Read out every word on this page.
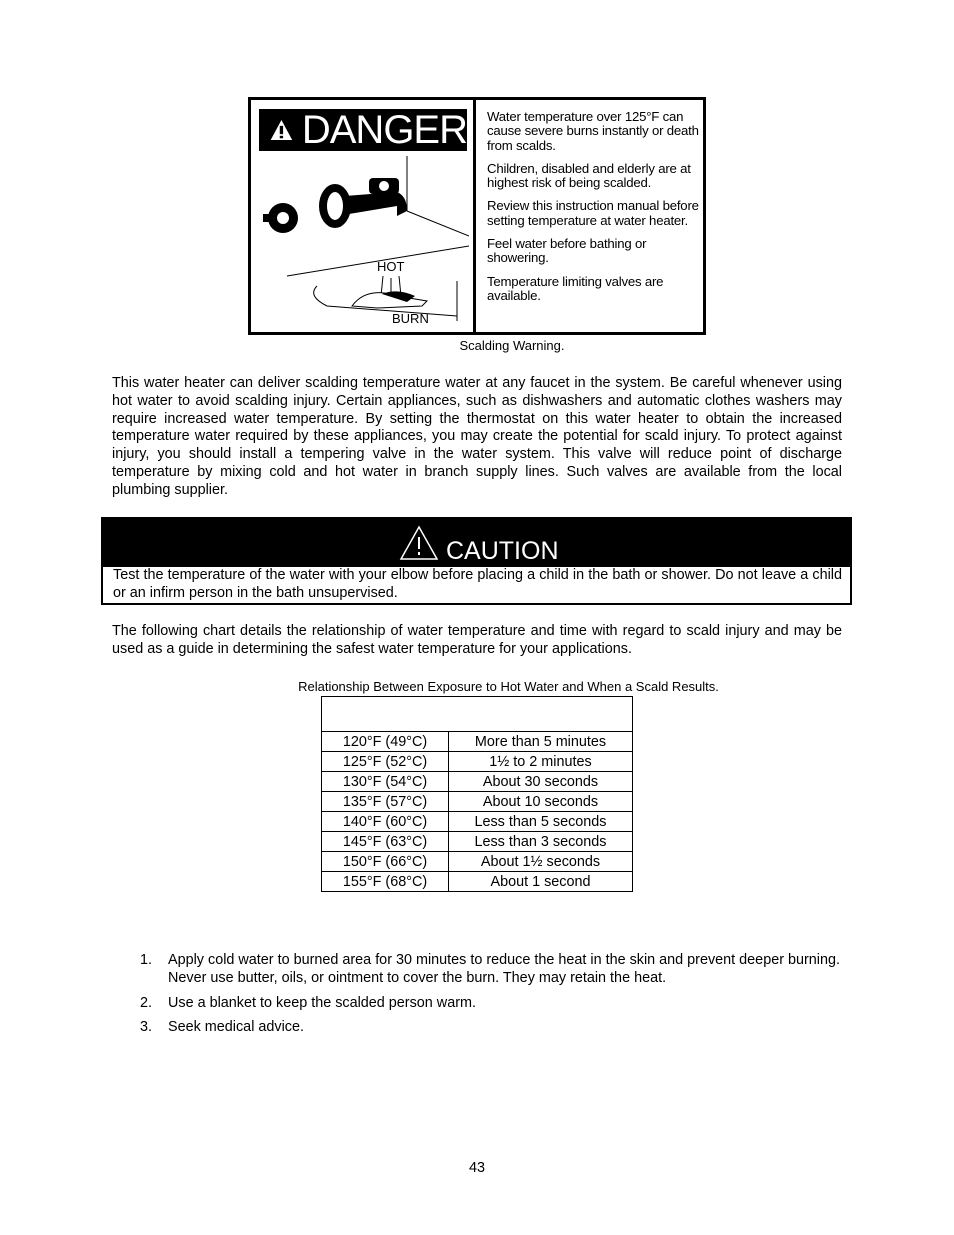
DANGER
HOT
BURN

Water temperature over 125°F can cause severe burns instantly or death from scalds.

Children, disabled and elderly are at highest risk of being scalded.

Review this instruction manual before setting temperature at water heater.

Feel water before bathing or showering.

Temperature limiting valves are available.

Scalding Warning.

This water heater can deliver scalding temperature water at any faucet in the system. Be careful whenever using hot water to avoid scalding injury. Certain appliances, such as dishwashers and automatic clothes washers may require increased water temperature. By setting the thermostat on this water heater to obtain the increased temperature water required by these appliances, you may create the potential for scald injury. To protect against injury, you should install a tempering valve in the water system. This valve will reduce point of discharge temperature by mixing cold and hot water in branch supply lines. Such valves are available from the local plumbing supplier.

CAUTION

Test the temperature of the water with your elbow before placing a child in the bath or shower. Do not leave a child or an infirm person in the bath unsupervised.

The following chart details the relationship of water temperature and time with regard to scald injury and may be used as a guide in determining the safest water temperature for your applications.

Relationship Between Exposure to Hot Water and When a Scald Results.

120°F (49°C)	More than 5 minutes
125°F (52°C)	1½ to 2 minutes
130°F (54°C)	About 30 seconds
135°F (57°C)	About 10 seconds
140°F (60°C)	Less than 5 seconds
145°F (63°C)	Less than 3 seconds
150°F (66°C)	About 1½ seconds
155°F (68°C)	About 1 second
1. Apply cold water to burned area for 30 minutes to reduce the heat in the skin and prevent deeper burning. Never use butter, oils, or ointment to cover the burn. They may retain the heat.
2. Use a blanket to keep the scalded person warm.
3. Seek medical advice.
43
